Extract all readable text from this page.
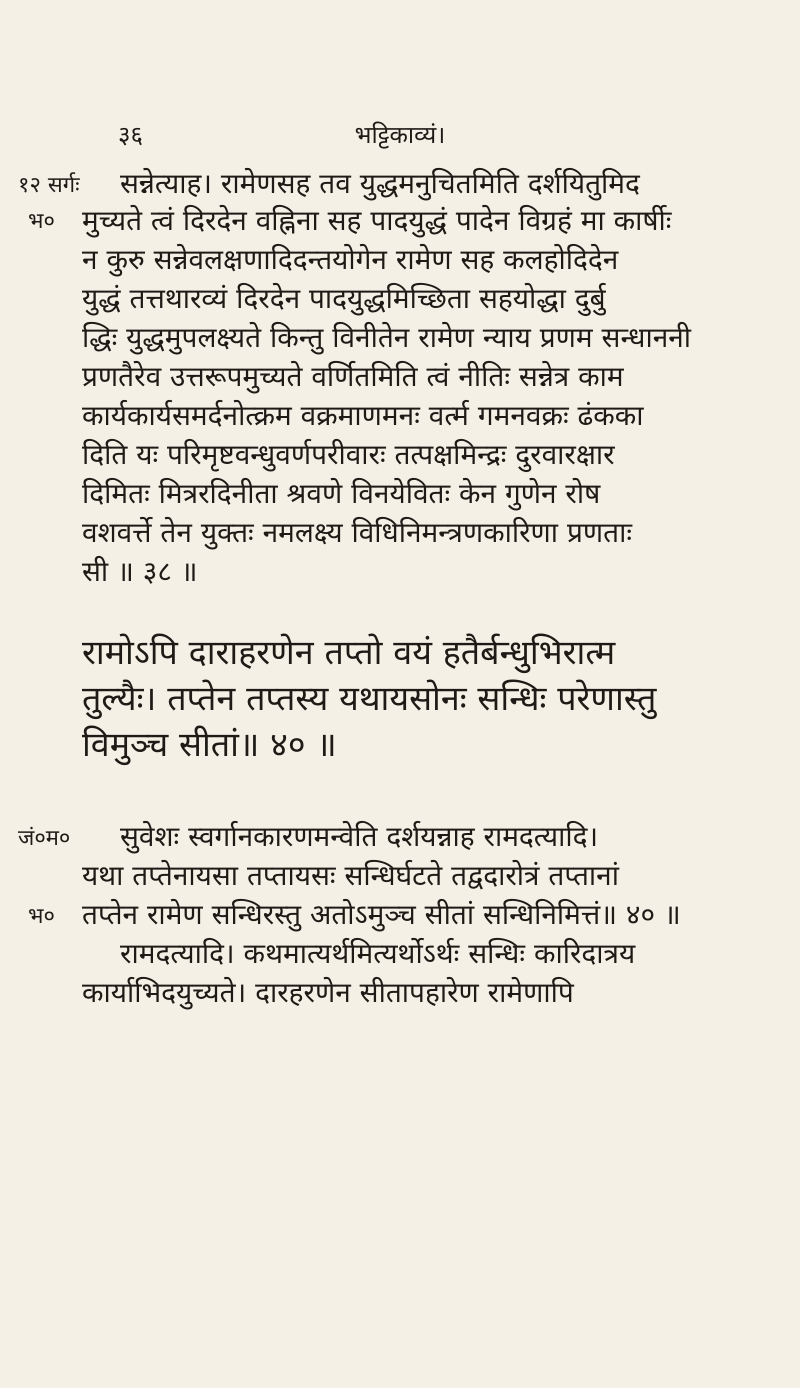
३६	भट्टिकाव्यं।
१२ सर्गः
भ०
सन्नेत्याह। रामेणसह तव युद्धमनुचितमिति दर्शयितुमिद
मुच्यते त्वं दिरदेन वह्निना सह पादयुद्धं पादेन विग्रहं मा कार्षीः
न कुरु सन्नेवलक्षणादिदन्तयोगेन रामेण सह कलहोदिदेन
युद्धं तत्तथारव्यं दिरदेन पादयुद्धमिच्छिता सहयोद्धा दुर्बु
द्धिः युद्धमुपलक्ष्यते किन्तु विनीतेन रामेण न्याय प्रणम सन्धाननी
प्रणतैरेव उत्तरूपमुच्यते वर्णितमिति त्वं नीतिः सन्नेत्र काम
कार्यकार्यसमर्दनोत्क्रम वक्रमाणमनः वर्त्म गमनवक्रः ढंकका
दिति यः परिमृष्टवन्धुवर्णपरीवारः तत्पक्षमिन्द्रः दुरवारक्षार
दिमितः मित्ररदिनीता श्रवणे विनयेवितः केन गुणेन रोष
वशवर्त्ते तेन युक्तः नमलक्ष्य विधिनिमन्त्रणकारिणा प्रणताः
सी ॥ ३८ ॥
रामोऽपि दाराहरणेन तप्तो वयं हतैर्बन्धुभिरात्म
तुल्यैः। तप्तेन तप्तस्य यथायसोनः सन्धिः परेणास्तु
विमुञ्च सीतां॥ ४० ॥
जं०म०
भ०
सुवेशः स्वर्गानकारणमन्वेति दर्शयन्नाह रामदत्यादि।
यथा तप्तेनायसा तप्तायसः सन्धिर्घटते तद्वदारोत्रं तप्तानां
तप्तेन रामेण सन्धिरस्तु अतोऽमुञ्च सीतां सन्धिनिमित्तं॥ ४० ॥
रामदत्यादि। कथमात्यर्थमित्यर्थोऽर्थः सन्धिः कारिदात्रय
कार्याभिदयुच्यते। दारहरणेन सीतापहारेण रामेणापि
